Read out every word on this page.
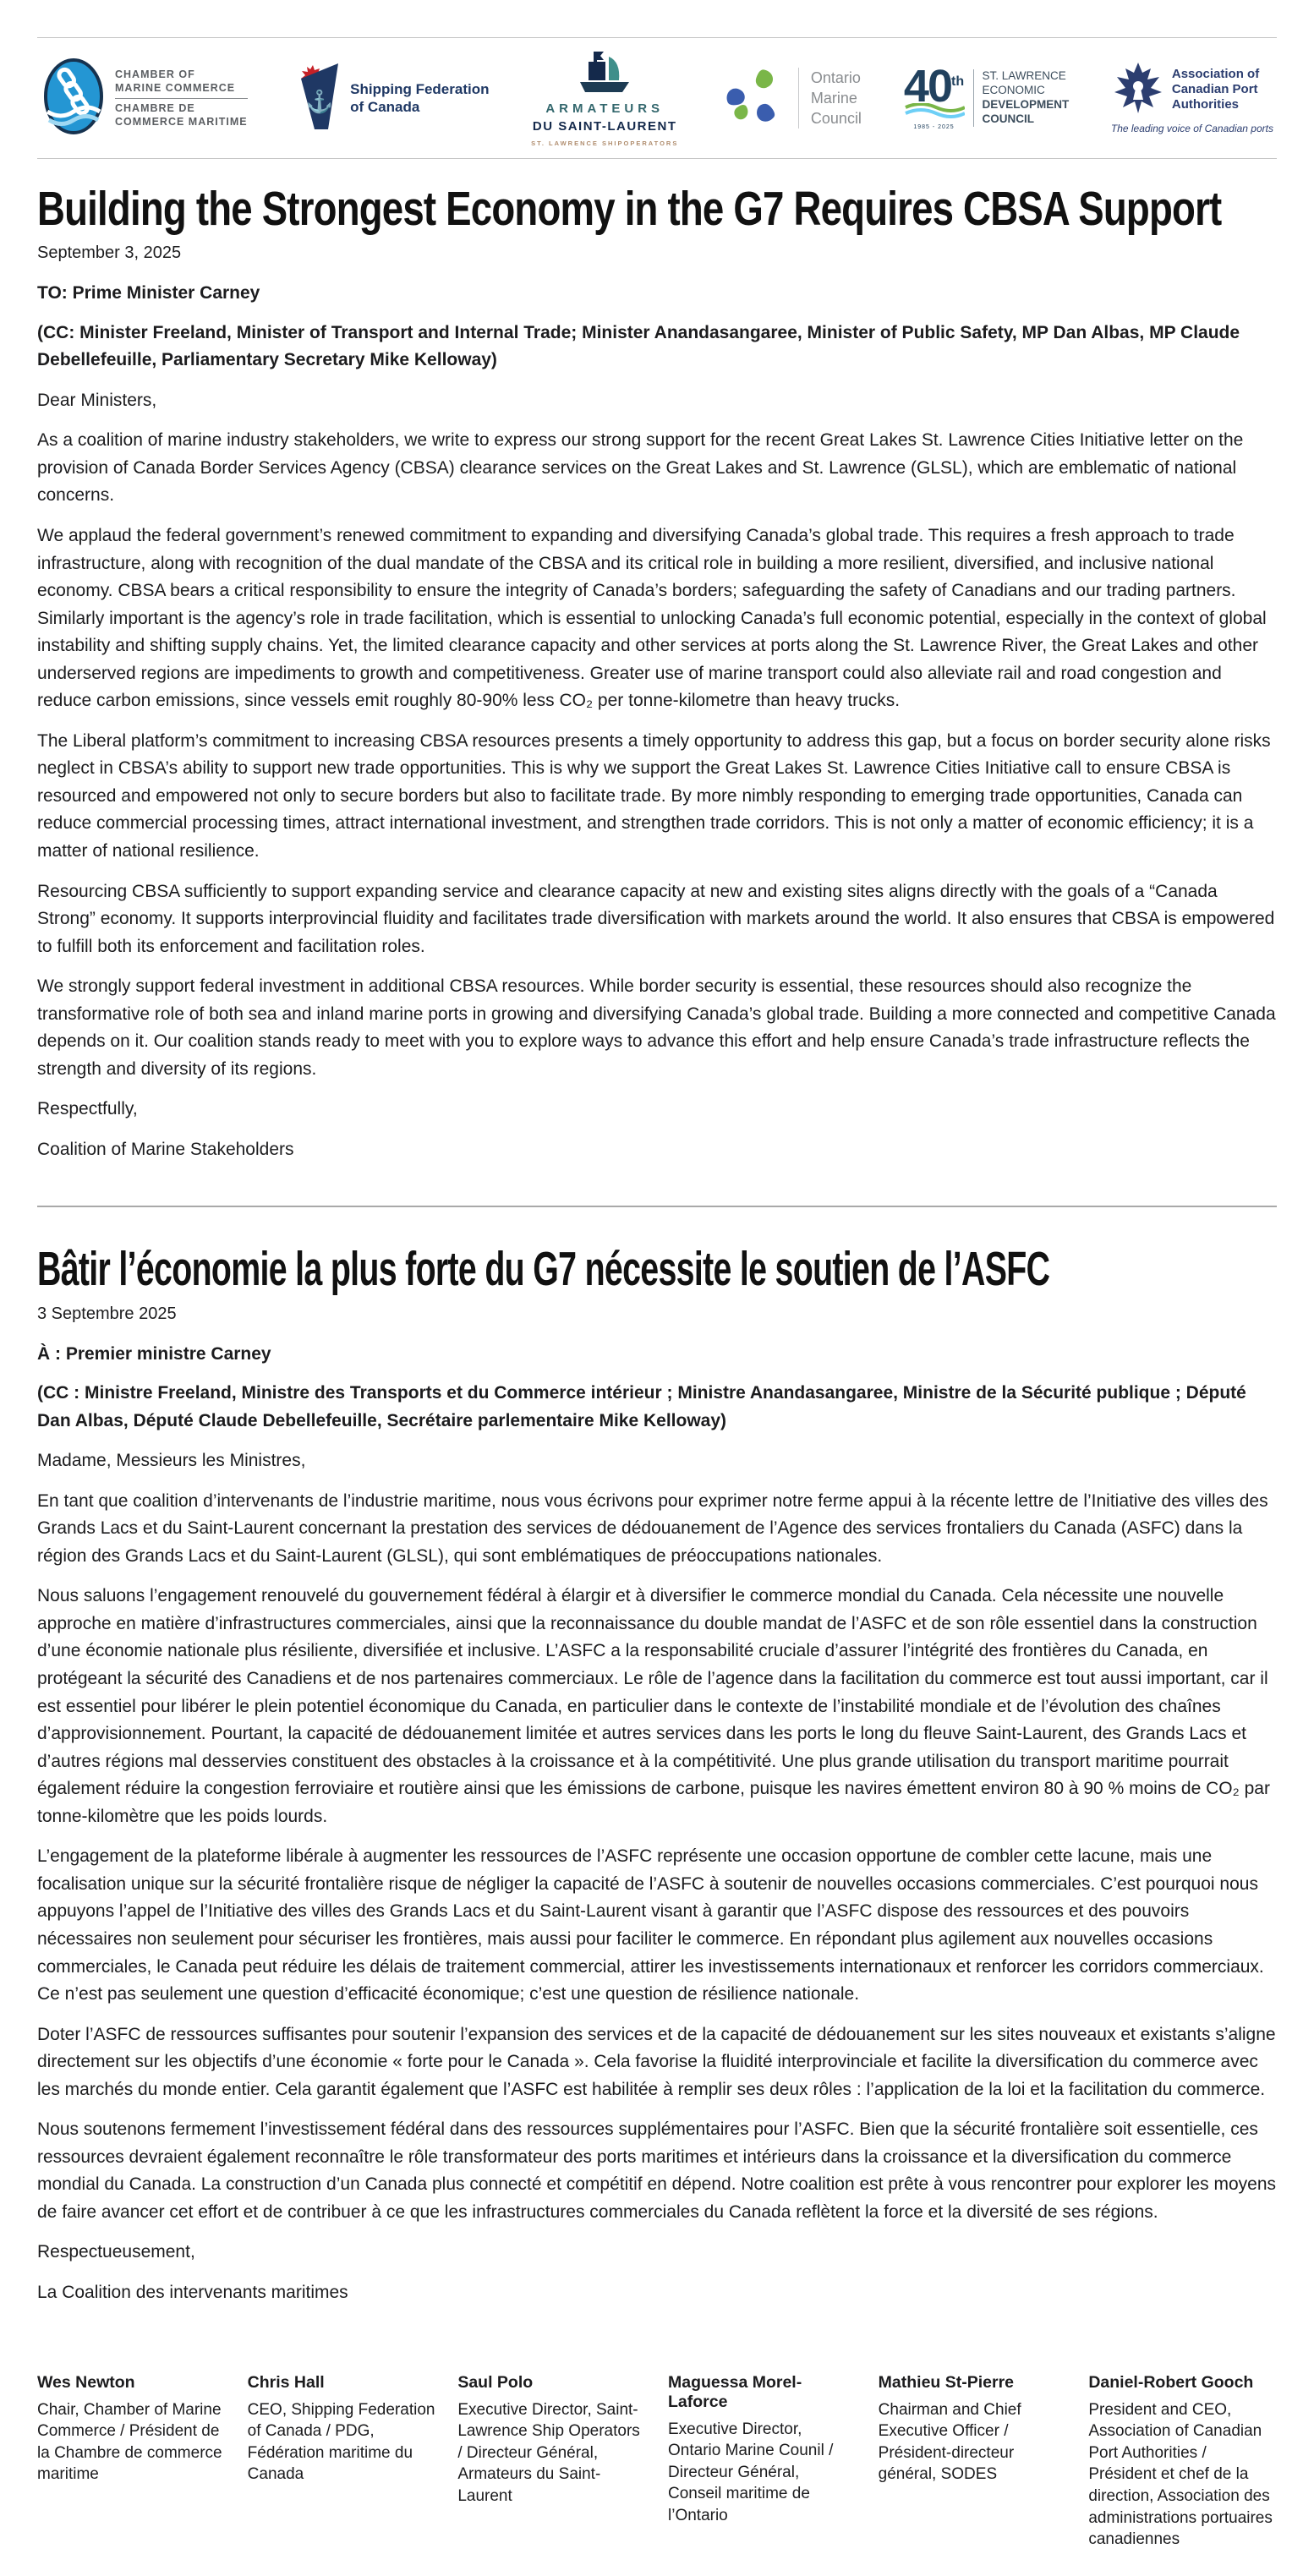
CHAMBER OF
MARINE COMMERCE
CHAMBRE DE
COMMERCE MARITIME
⚓ Shipping Federation
of Canada	ARMATEURS
DU SAINT-LAURENT
ST. LAWRENCE SHIPOPERATORS
Ontario
Marine
Council
40th
1985 - 2025
ST. LAWRENCE
ECONOMIC
DEVELOPMENT
COUNCIL
Association of
Canadian Port
Authorities
The leading voice of Canadian ports
Building the Strongest Economy in the G7 Requires CBSA Support
September 3, 2025
TO: Prime Minister Carney
(CC: Minister Freeland, Minister of Transport and Internal Trade; Minister Anandasangaree, Minister of Public Safety, MP Dan Albas, MP Claude Debellefeuille, Parliamentary Secretary Mike Kelloway)

Dear Ministers,

As a coalition of marine industry stakeholders, we write to express our strong support for the recent Great Lakes St. Lawrence Cities Initiative letter on the provision of Canada Border Services Agency (CBSA) clearance services on the Great Lakes and St. Lawrence (GLSL), which are emblematic of national concerns.

We applaud the federal government’s renewed commitment to expanding and diversifying Canada’s global trade. This requires a fresh approach to trade infrastructure, along with recognition of the dual mandate of the CBSA and its critical role in building a more resilient, diversified, and inclusive national economy. CBSA bears a critical responsibility to ensure the integrity of Canada’s borders; safeguarding the safety of Canadians and our trading partners. Similarly important is the agency’s role in trade facilitation, which is essential to unlocking Canada’s full economic potential, especially in the context of global instability and shifting supply chains. Yet, the limited clearance capacity and other services at ports along the St. Lawrence River, the Great Lakes and other underserved regions are impediments to growth and competitiveness. Greater use of marine transport could also alleviate rail and road congestion and reduce carbon emissions, since vessels emit roughly 80-90% less CO₂ per tonne-kilometre than heavy trucks.

The Liberal platform’s commitment to increasing CBSA resources presents a timely opportunity to address this gap, but a focus on border security alone risks neglect in CBSA’s ability to support new trade opportunities. This is why we support the Great Lakes St. Lawrence Cities Initiative call to ensure CBSA is resourced and empowered not only to secure borders but also to facilitate trade. By more nimbly responding to emerging trade opportunities, Canada can reduce commercial processing times, attract international investment, and strengthen trade corridors. This is not only a matter of economic efficiency; it is a matter of national resilience.

Resourcing CBSA sufficiently to support expanding service and clearance capacity at new and existing sites aligns directly with the goals of a “Canada Strong” economy. It supports interprovincial fluidity and facilitates trade diversification with markets around the world. It also ensures that CBSA is empowered to fulfill both its enforcement and facilitation roles.

We strongly support federal investment in additional CBSA resources. While border security is essential, these resources should also recognize the transformative role of both sea and inland marine ports in growing and diversifying Canada’s global trade. Building a more connected and competitive Canada depends on it. Our coalition stands ready to meet with you to explore ways to advance this effort and help ensure Canada’s trade infrastructure reflects the strength and diversity of its regions.

Respectfully,

Coalition of Marine Stakeholders

Bâtir l’économie la plus forte du G7 nécessite le soutien de l’ASFC
3 Septembre 2025
À : Premier ministre Carney
(CC : Ministre Freeland, Ministre des Transports et du Commerce intérieur ; Ministre Anandasangaree, Ministre de la Sécurité publique ; Député Dan Albas, Député Claude Debellefeuille, Secrétaire parlementaire Mike Kelloway)

Madame, Messieurs les Ministres,

En tant que coalition d’intervenants de l’industrie maritime, nous vous écrivons pour exprimer notre ferme appui à la récente lettre de l’Initiative des villes des Grands Lacs et du Saint-Laurent concernant la prestation des services de dédouanement de l’Agence des services frontaliers du Canada (ASFC) dans la région des Grands Lacs et du Saint-Laurent (GLSL), qui sont emblématiques de préoccupations nationales.

Nous saluons l’engagement renouvelé du gouvernement fédéral à élargir et à diversifier le commerce mondial du Canada. Cela nécessite une nouvelle approche en matière d’infrastructures commerciales, ainsi que la reconnaissance du double mandat de l’ASFC et de son rôle essentiel dans la construction d’une économie nationale plus résiliente, diversifiée et inclusive. L’ASFC a la responsabilité cruciale d’assurer l’intégrité des frontières du Canada, en protégeant la sécurité des Canadiens et de nos partenaires commerciaux. Le rôle de l’agence dans la facilitation du commerce est tout aussi important, car il est essentiel pour libérer le plein potentiel économique du Canada, en particulier dans le contexte de l’instabilité mondiale et de l’évolution des chaînes d’approvisionnement. Pourtant, la capacité de dédouanement limitée et autres services dans les ports le long du fleuve Saint-Laurent, des Grands Lacs et d’autres régions mal desservies constituent des obstacles à la croissance et à la compétitivité. Une plus grande utilisation du transport maritime pourrait également réduire la congestion ferroviaire et routière ainsi que les émissions de carbone, puisque les navires émettent environ 80 à 90 % moins de CO₂ par tonne-kilomètre que les poids lourds.

L’engagement de la plateforme libérale à augmenter les ressources de l’ASFC représente une occasion opportune de combler cette lacune, mais une focalisation unique sur la sécurité frontalière risque de négliger la capacité de l’ASFC à soutenir de nouvelles occasions commerciales. C’est pourquoi nous appuyons l’appel de l’Initiative des villes des Grands Lacs et du Saint-Laurent visant à garantir que l’ASFC dispose des ressources et des pouvoirs nécessaires non seulement pour sécuriser les frontières, mais aussi pour faciliter le commerce. En répondant plus agilement aux nouvelles occasions commerciales, le Canada peut réduire les délais de traitement commercial, attirer les investissements internationaux et renforcer les corridors commerciaux. Ce n’est pas seulement une question d’efficacité économique; c’est une question de résilience nationale.

Doter l’ASFC de ressources suffisantes pour soutenir l’expansion des services et de la capacité de dédouanement sur les sites nouveaux et existants s’aligne directement sur les objectifs d’une économie « forte pour le Canada ». Cela favorise la fluidité interprovinciale et facilite la diversification du commerce avec les marchés du monde entier. Cela garantit également que l’ASFC est habilitée à remplir ses deux rôles : l’application de la loi et la facilitation du commerce.

Nous soutenons fermement l’investissement fédéral dans des ressources supplémentaires pour l’ASFC. Bien que la sécurité frontalière soit essentielle, ces ressources devraient également reconnaître le rôle transformateur des ports maritimes et intérieurs dans la croissance et la diversification du commerce mondial du Canada. La construction d’un Canada plus connecté et compétitif en dépend. Notre coalition est prête à vous rencontrer pour explorer les moyens de faire avancer cet effort et de contribuer à ce que les infrastructures commerciales du Canada reflètent la force et la diversité de ses régions.

Respectueusement,

La Coalition des intervenants maritimes

Wes Newton
Chair, Chamber of Marine Commerce / Président de la Chambre de commerce maritime
Chris Hall
CEO, Shipping Federation of Canada / PDG, Fédération maritime du Canada
Saul Polo
Executive Director, Saint-Lawrence Ship Operators / Directeur Général, Armateurs du Saint-Laurent
Maguessa Morel-Laforce
Executive Director, Ontario Marine Counil / Directeur Général, Conseil maritime de l’Ontario
Mathieu St-Pierre
Chairman and Chief Executive Officer / Président-directeur général, SODES
Daniel-Robert Gooch
President and CEO, Association of Canadian Port Authorities / Président et chef de la direction, Association des administrations portuaires canadiennes
